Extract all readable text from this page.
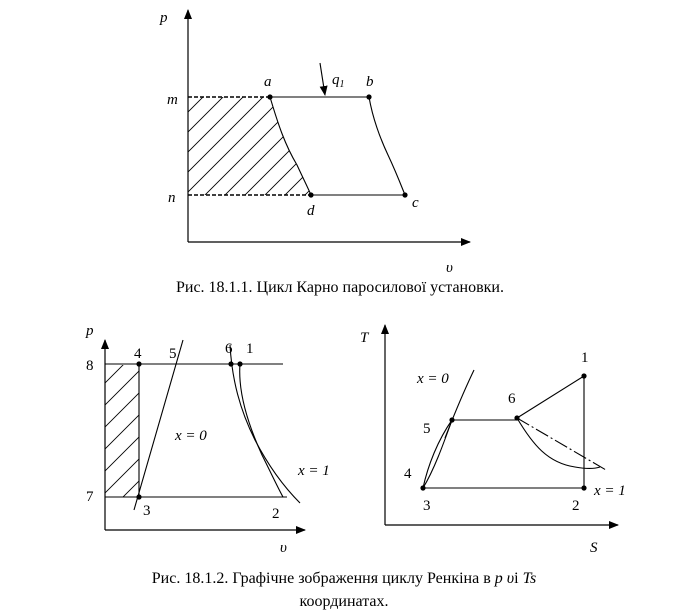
p
υ
m
n
a	b
c
d
$q_1$
Рис. 18.1.1. Цикл Карно паросилової установки.
p
υ
8
7
4 5	6 1
3	2
x = 0
x = 1
T
S
1
2
3
4
5
6
x = 0
x = 1
Рис. 18.1.2. Графічне зображення циклу Ренкіна в p υі Ts
координатах.
